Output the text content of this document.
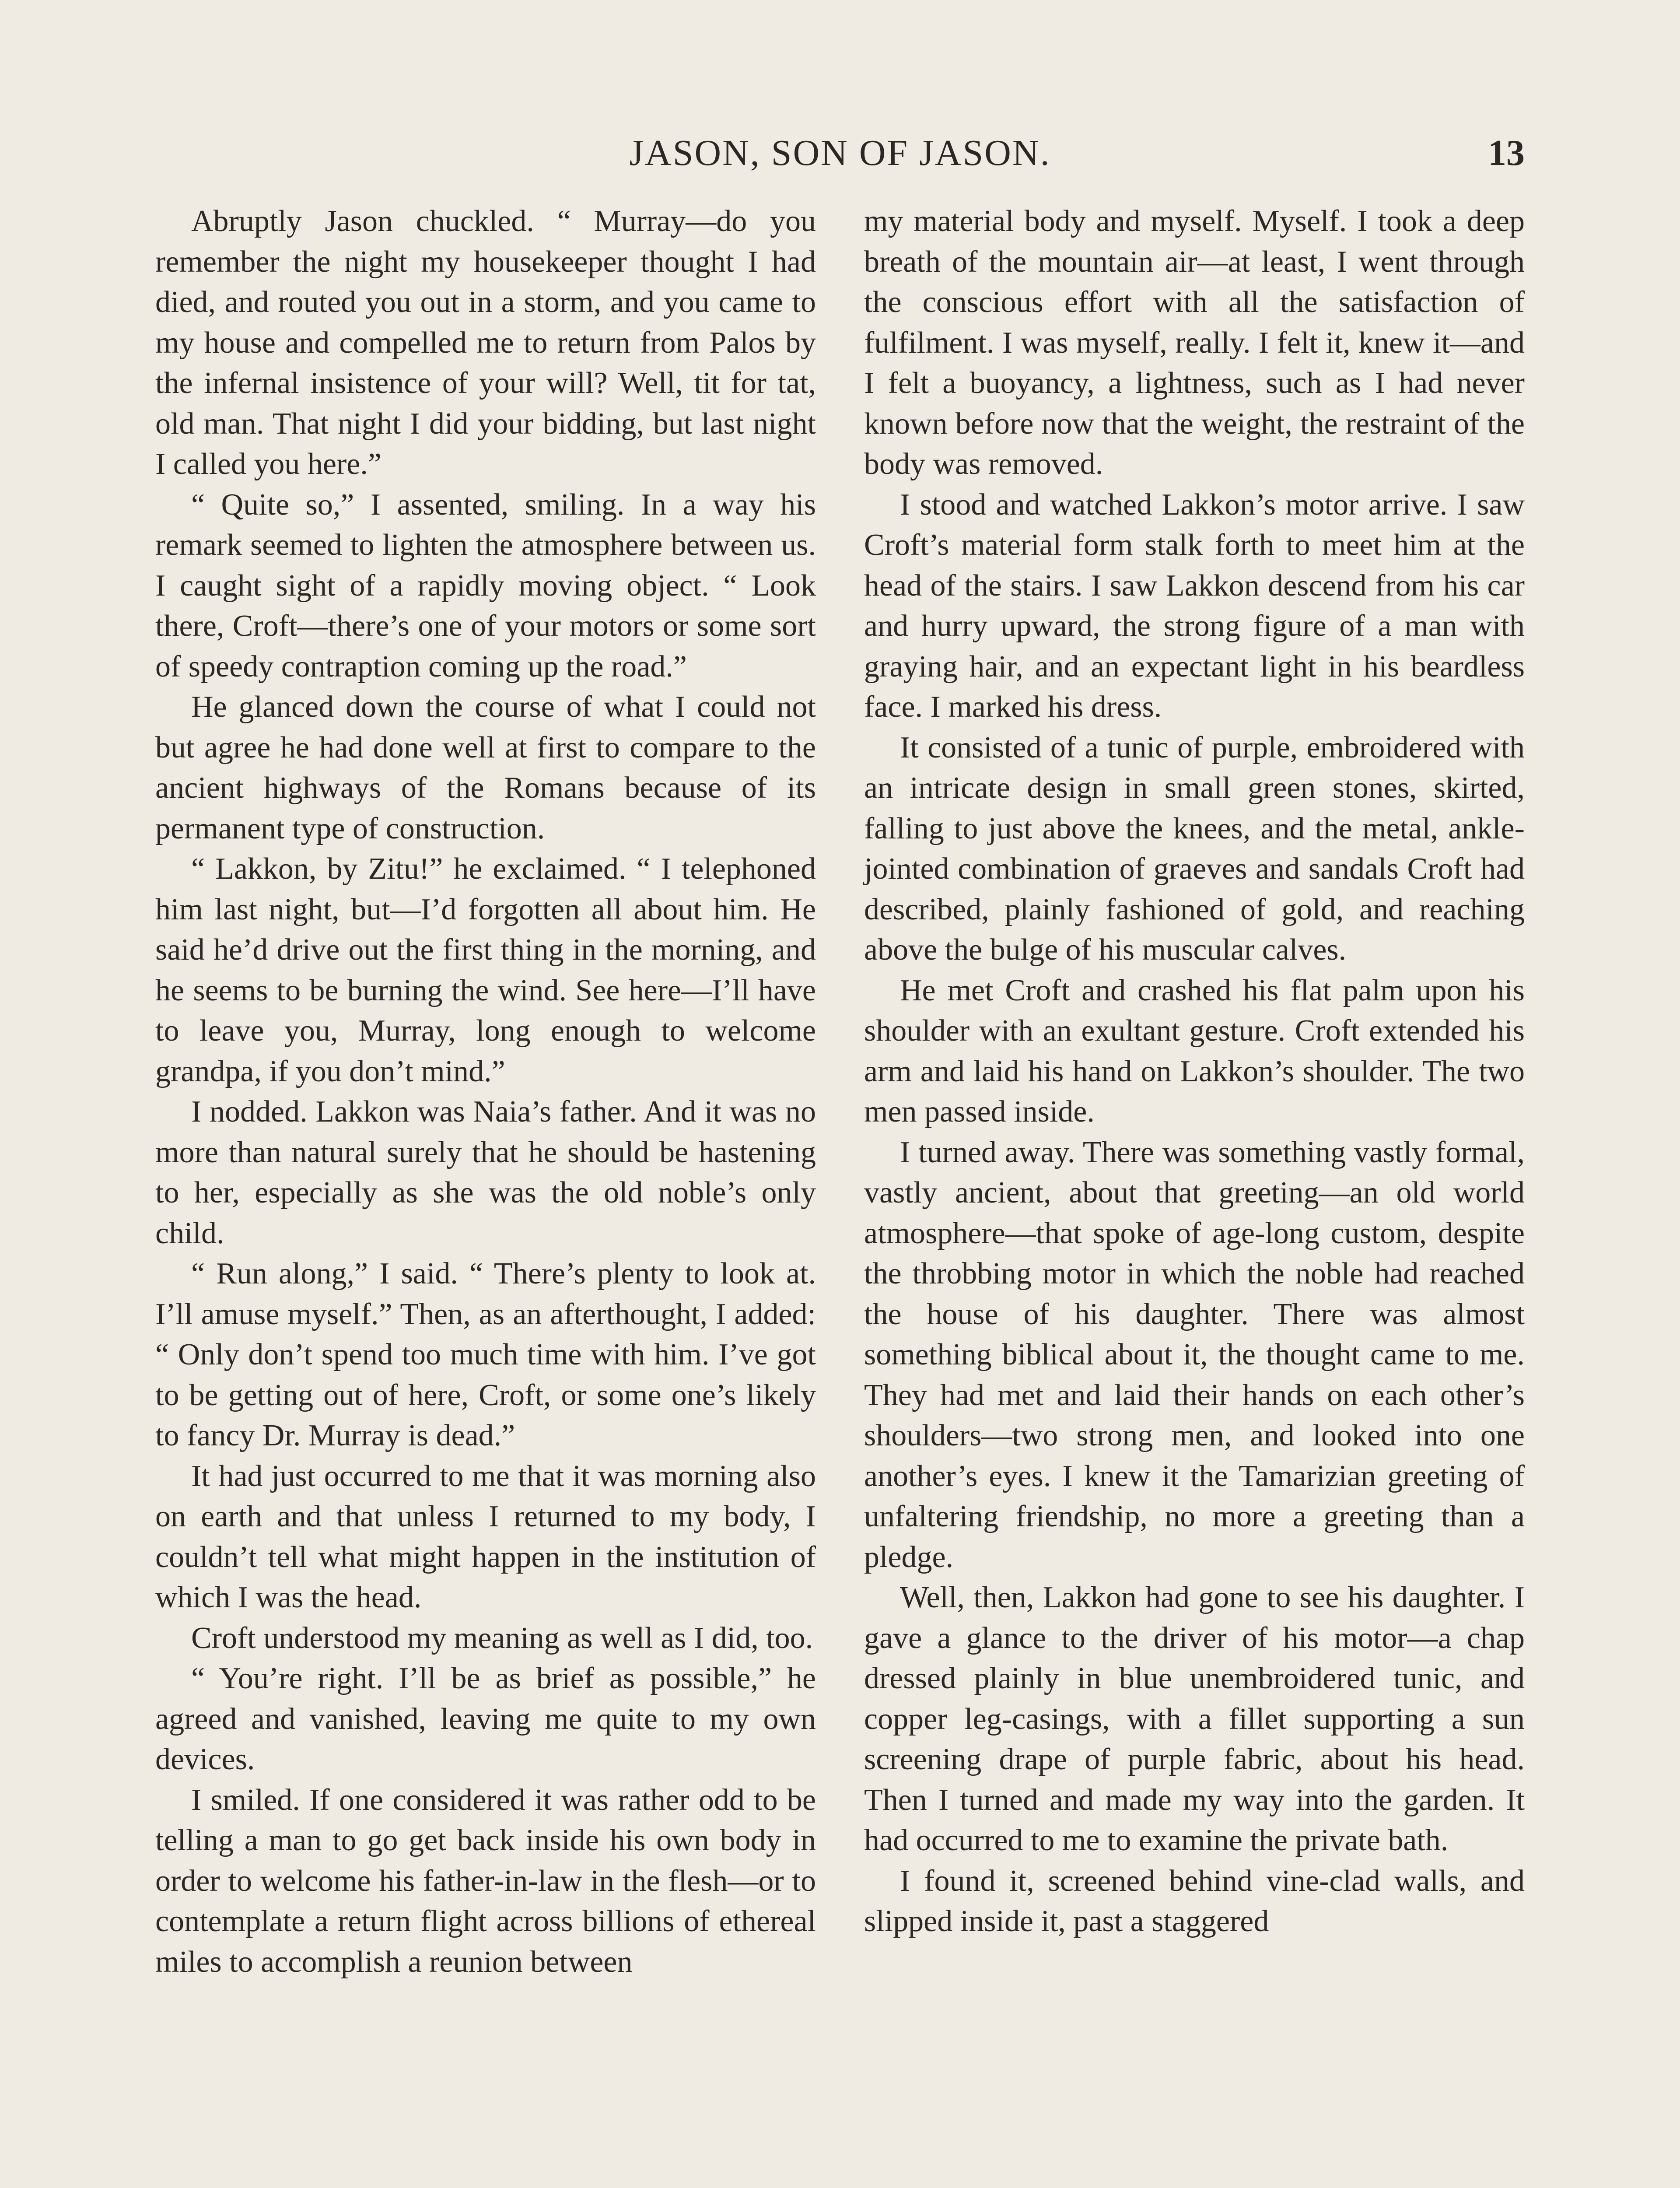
JASON, SON OF JASON.	13

Abruptly Jason chuckled. “ Murray—do you remember the night my housekeeper thought I had died, and routed you out in a storm, and you came to my house and compelled me to return from Palos by the infernal insistence of your will? Well, tit for tat, old man. That night I did your bidding, but last night I called you here.”

“ Quite so,” I assented, smiling. In a way his remark seemed to lighten the atmosphere between us. I caught sight of a rapidly moving object. “ Look there, Croft—there’s one of your motors or some sort of speedy contraption coming up the road.”

He glanced down the course of what I could not but agree he had done well at first to compare to the ancient highways of the Romans because of its permanent type of construction.

“ Lakkon, by Zitu!” he exclaimed. “ I telephoned him last night, but—I’d forgotten all about him. He said he’d drive out the first thing in the morning, and he seems to be burning the wind. See here—I’ll have to leave you, Murray, long enough to welcome grandpa, if you don’t mind.”

I nodded. Lakkon was Naia’s father. And it was no more than natural surely that he should be hastening to her, especially as she was the old noble’s only child.

“ Run along,” I said. “ There’s plenty to look at. I’ll amuse myself.” Then, as an afterthought, I added: “ Only don’t spend too much time with him. I’ve got to be getting out of here, Croft, or some one’s likely to fancy Dr. Murray is dead.”

It had just occurred to me that it was morning also on earth and that unless I returned to my body, I couldn’t tell what might happen in the institution of which I was the head.

Croft understood my meaning as well as I did, too.

“ You’re right. I’ll be as brief as possible,” he agreed and vanished, leaving me quite to my own devices.

I smiled. If one considered it was rather odd to be telling a man to go get back inside his own body in order to welcome his father-in-law in the flesh—or to contemplate a return flight across billions of ethereal miles to accomplish a reunion between

my material body and myself. Myself. I took a deep breath of the mountain air—at least, I went through the conscious effort with all the satisfaction of fulfilment. I was myself, really. I felt it, knew it—and I felt a buoyancy, a lightness, such as I had never known before now that the weight, the restraint of the body was removed.

I stood and watched Lakkon’s motor arrive. I saw Croft’s material form stalk forth to meet him at the head of the stairs. I saw Lakkon descend from his car and hurry upward, the strong figure of a man with graying hair, and an expectant light in his beardless face. I marked his dress.

It consisted of a tunic of purple, embroidered with an intricate design in small green stones, skirted, falling to just above the knees, and the metal, ankle-jointed combination of graeves and sandals Croft had described, plainly fashioned of gold, and reaching above the bulge of his muscular calves.

He met Croft and crashed his flat palm upon his shoulder with an exultant gesture. Croft extended his arm and laid his hand on Lakkon’s shoulder. The two men passed inside.

I turned away. There was something vastly formal, vastly ancient, about that greeting—an old world atmosphere—that spoke of age-long custom, despite the throbbing motor in which the noble had reached the house of his daughter. There was almost something biblical about it, the thought came to me. They had met and laid their hands on each other’s shoulders—two strong men, and looked into one another’s eyes. I knew it the Tamarizian greeting of unfaltering friendship, no more a greeting than a pledge.

Well, then, Lakkon had gone to see his daughter. I gave a glance to the driver of his motor—a chap dressed plainly in blue unembroidered tunic, and copper leg-casings, with a fillet supporting a sun screening drape of purple fabric, about his head. Then I turned and made my way into the garden. It had occurred to me to examine the private bath.

I found it, screened behind vine-clad walls, and slipped inside it, past a staggered
